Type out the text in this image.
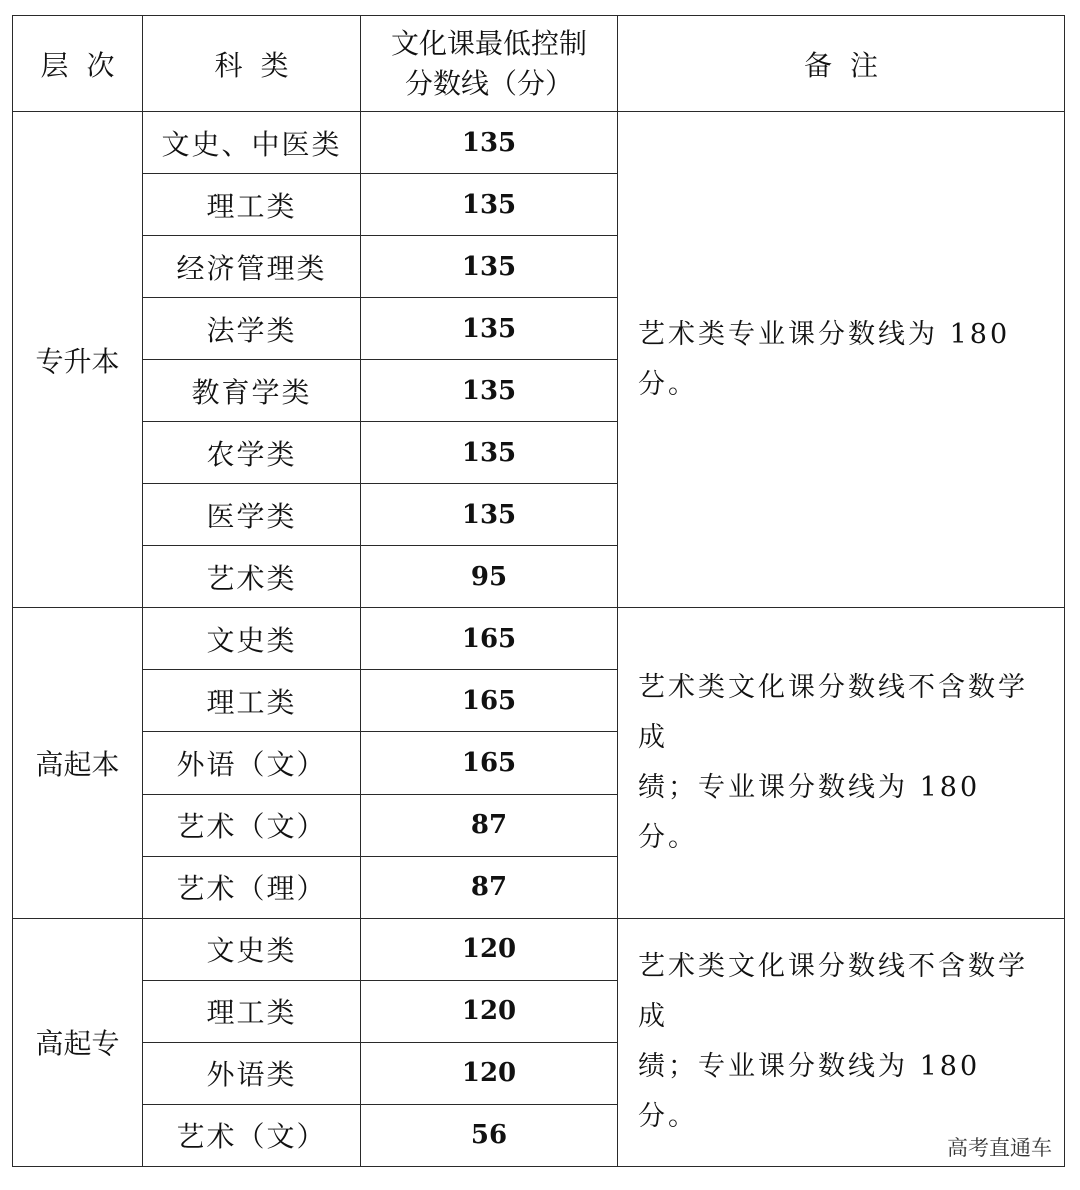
层次	科类	文化课最低控制
分数线（分）	备注
专升本	文史、中医类	135	艺术类专业课分数线为 180 分。
	理工类	135	
	经济管理类	135	
	法学类	135	
	教育学类	135	
	农学类	135	
	医学类	135	
	艺术类	95	
高起本	文史类	165	艺术类文化课分数线不含数学成
绩；专业课分数线为 180 分。
	理工类	165	
	外语（文）	165	
	艺术（文）	87	
	艺术（理）	87	
高起专	文史类	120	艺术类文化课分数线不含数学成
绩；专业课分数线为 180 分。
	理工类	120	
	外语类	120	
	艺术（文）	56		高考直通车
